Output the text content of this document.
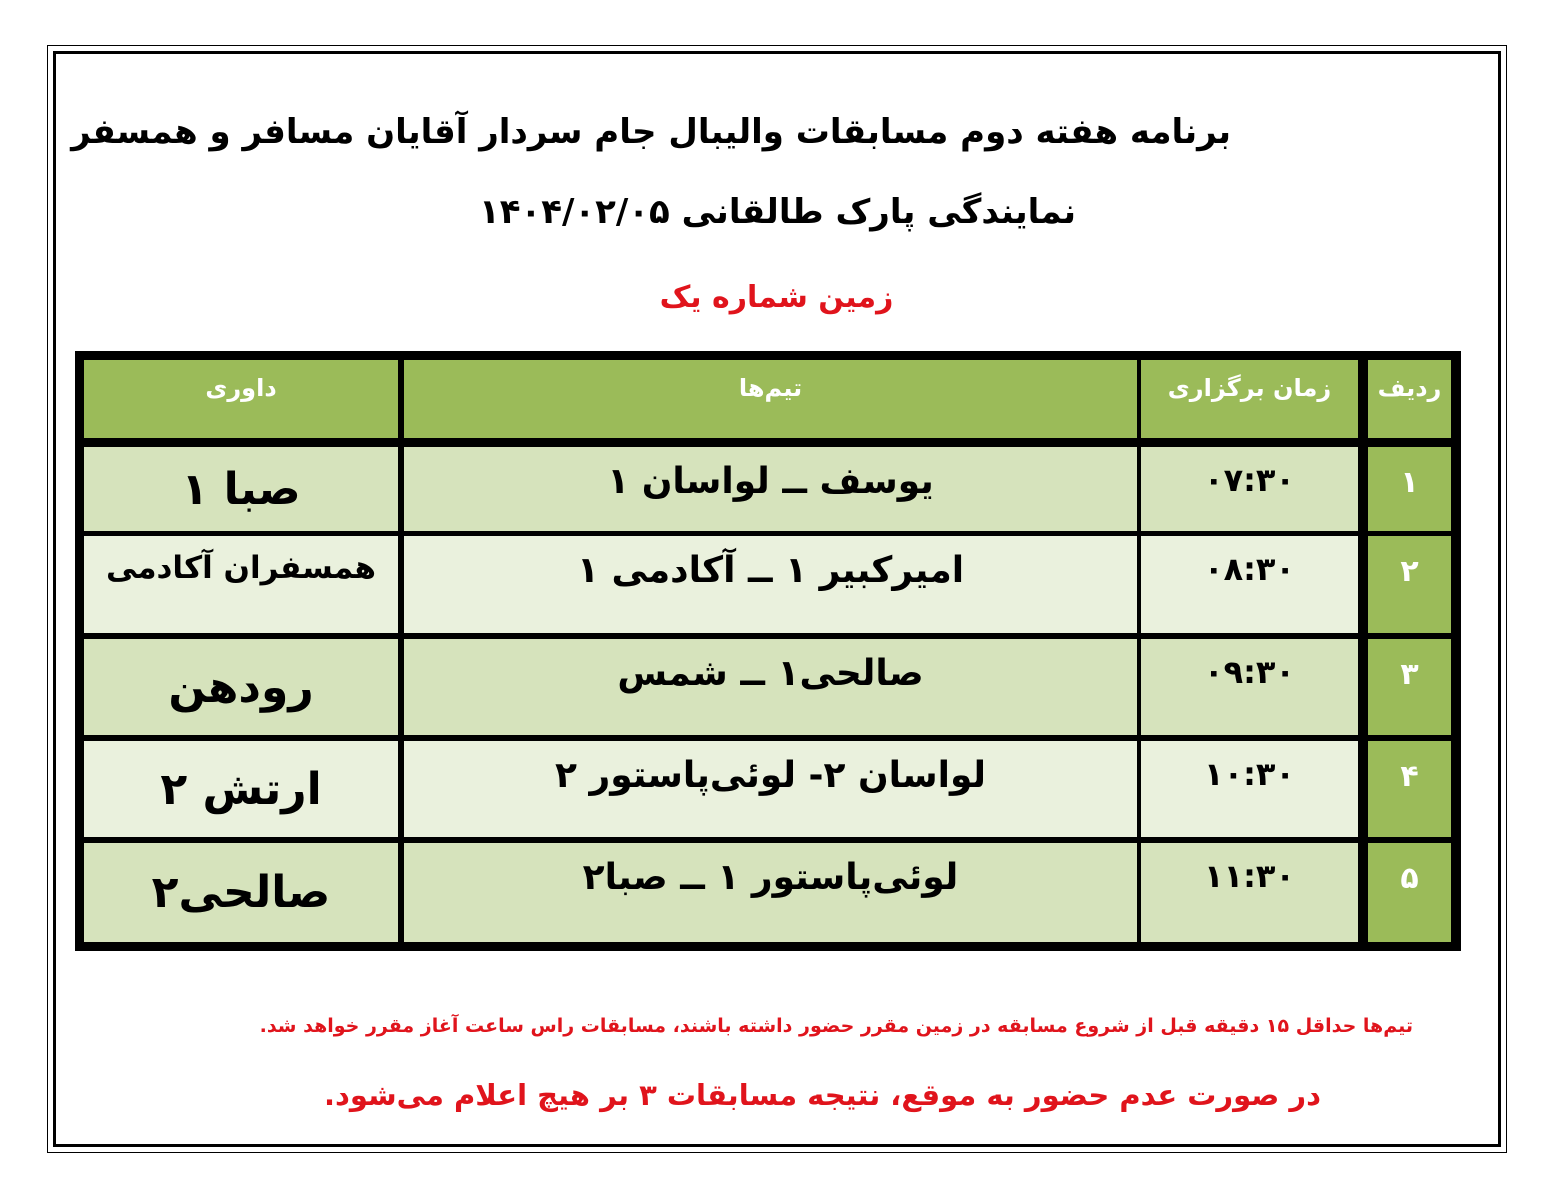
برنامه هفته دوم مسابقات والیبال جام سردار آقایان مسافر و همسفر
نمایندگی پارک طالقانی ۱۴۰۴/۰۲/۰۵
زمین شماره یک
ردیف
زمان برگزاری
تیم‌ها
داوری
۱
۰۷:۳۰
یوسف ــ لواسان ۱
صبا ۱
۲
۰۸:۳۰
امیرکبیر ۱ ــ آکادمی ۱
همسفران آکادمی
۳
۰۹:۳۰
صالحی۱ ــ شمس
رودهن
۴
۱۰:۳۰
لواسان ۲- لوئی‌پاستور ۲
ارتش ۲
۵
۱۱:۳۰
لوئی‌پاستور ۱ ــ صبا۲
صالحی۲
تیم‌ها حداقل ۱۵ دقیقه قبل از شروع مسابقه در زمین مقرر حضور داشته باشند، مسابقات راس ساعت آغاز مقرر خواهد شد.
در صورت عدم حضور به موقع، نتیجه مسابقات ۳ بر هیچ اعلام می‌شود.
